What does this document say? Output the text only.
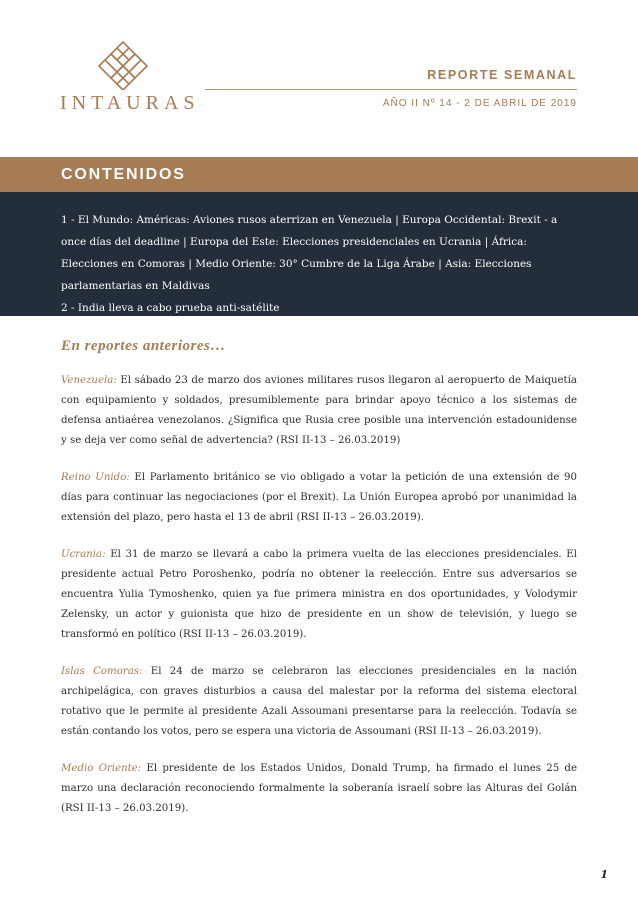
INTAURAS
REPORTE SEMANAL
AÑO II Nº 14 - 2 DE ABRIL DE 2019
CONTENIDOS

1 - El Mundo: Américas: Aviones rusos aterrizan en Venezuela | Europa Occidental: Brexit - a once días del deadline | Europa del Este: Elecciones presidenciales en Ucrania | África: Elecciones en Comoras | Medio Oriente: 30° Cumbre de la Liga Árabe | Asia: Elecciones parlamentarias en Maldivas

2 - India lleva a cabo prueba anti-satélite

En reportes anteriores…

Venezuela: El sábado 23 de marzo dos aviones militares rusos llegaron al aeropuerto de Maiquetía con equipamiento y soldados, presumiblemente para brindar apoyo técnico a los sistemas de defensa antiaérea venezolanos. ¿Significa que Rusia cree posible una intervención estadounidense y se deja ver como señal de advertencia? (RSI II-13 – 26.03.2019)

Reino Unido: El Parlamento británico se vio obligado a votar la petición de una extensión de 90 días para continuar las negociaciones (por el Brexit). La Unión Europea aprobó por unanimidad la extensión del plazo, pero hasta el 13 de abril (RSI II-13 – 26.03.2019).

Ucrania: El 31 de marzo se llevará a cabo la primera vuelta de las elecciones presidenciales. El presidente actual Petro Poroshenko, podría no obtener la reelección. Entre sus adversarios se encuentra Yulia Tymoshenko, quien ya fue primera ministra en dos oportunidades, y Volodymir Zelensky, un actor y guionista que hizo de presidente en un show de televisión, y luego se transformó en político (RSI II-13 – 26.03.2019).

Islas Comoras: El 24 de marzo se celebraron las elecciones presidenciales en la nación archipelágica, con graves disturbios a causa del malestar por la reforma del sistema electoral rotativo que le permite al presidente Azali Assoumani presentarse para la reelección. Todavía se están contando los votos, pero se espera una victoria de Assoumani (RSI II-13 – 26.03.2019).

Medio Oriente: El presidente de los Estados Unidos, Donald Trump, ha firmado el lunes 25 de marzo una declaración reconociendo formalmente la soberanía israelí sobre las Alturas del Golán (RSI II-13 – 26.03.2019).

1
